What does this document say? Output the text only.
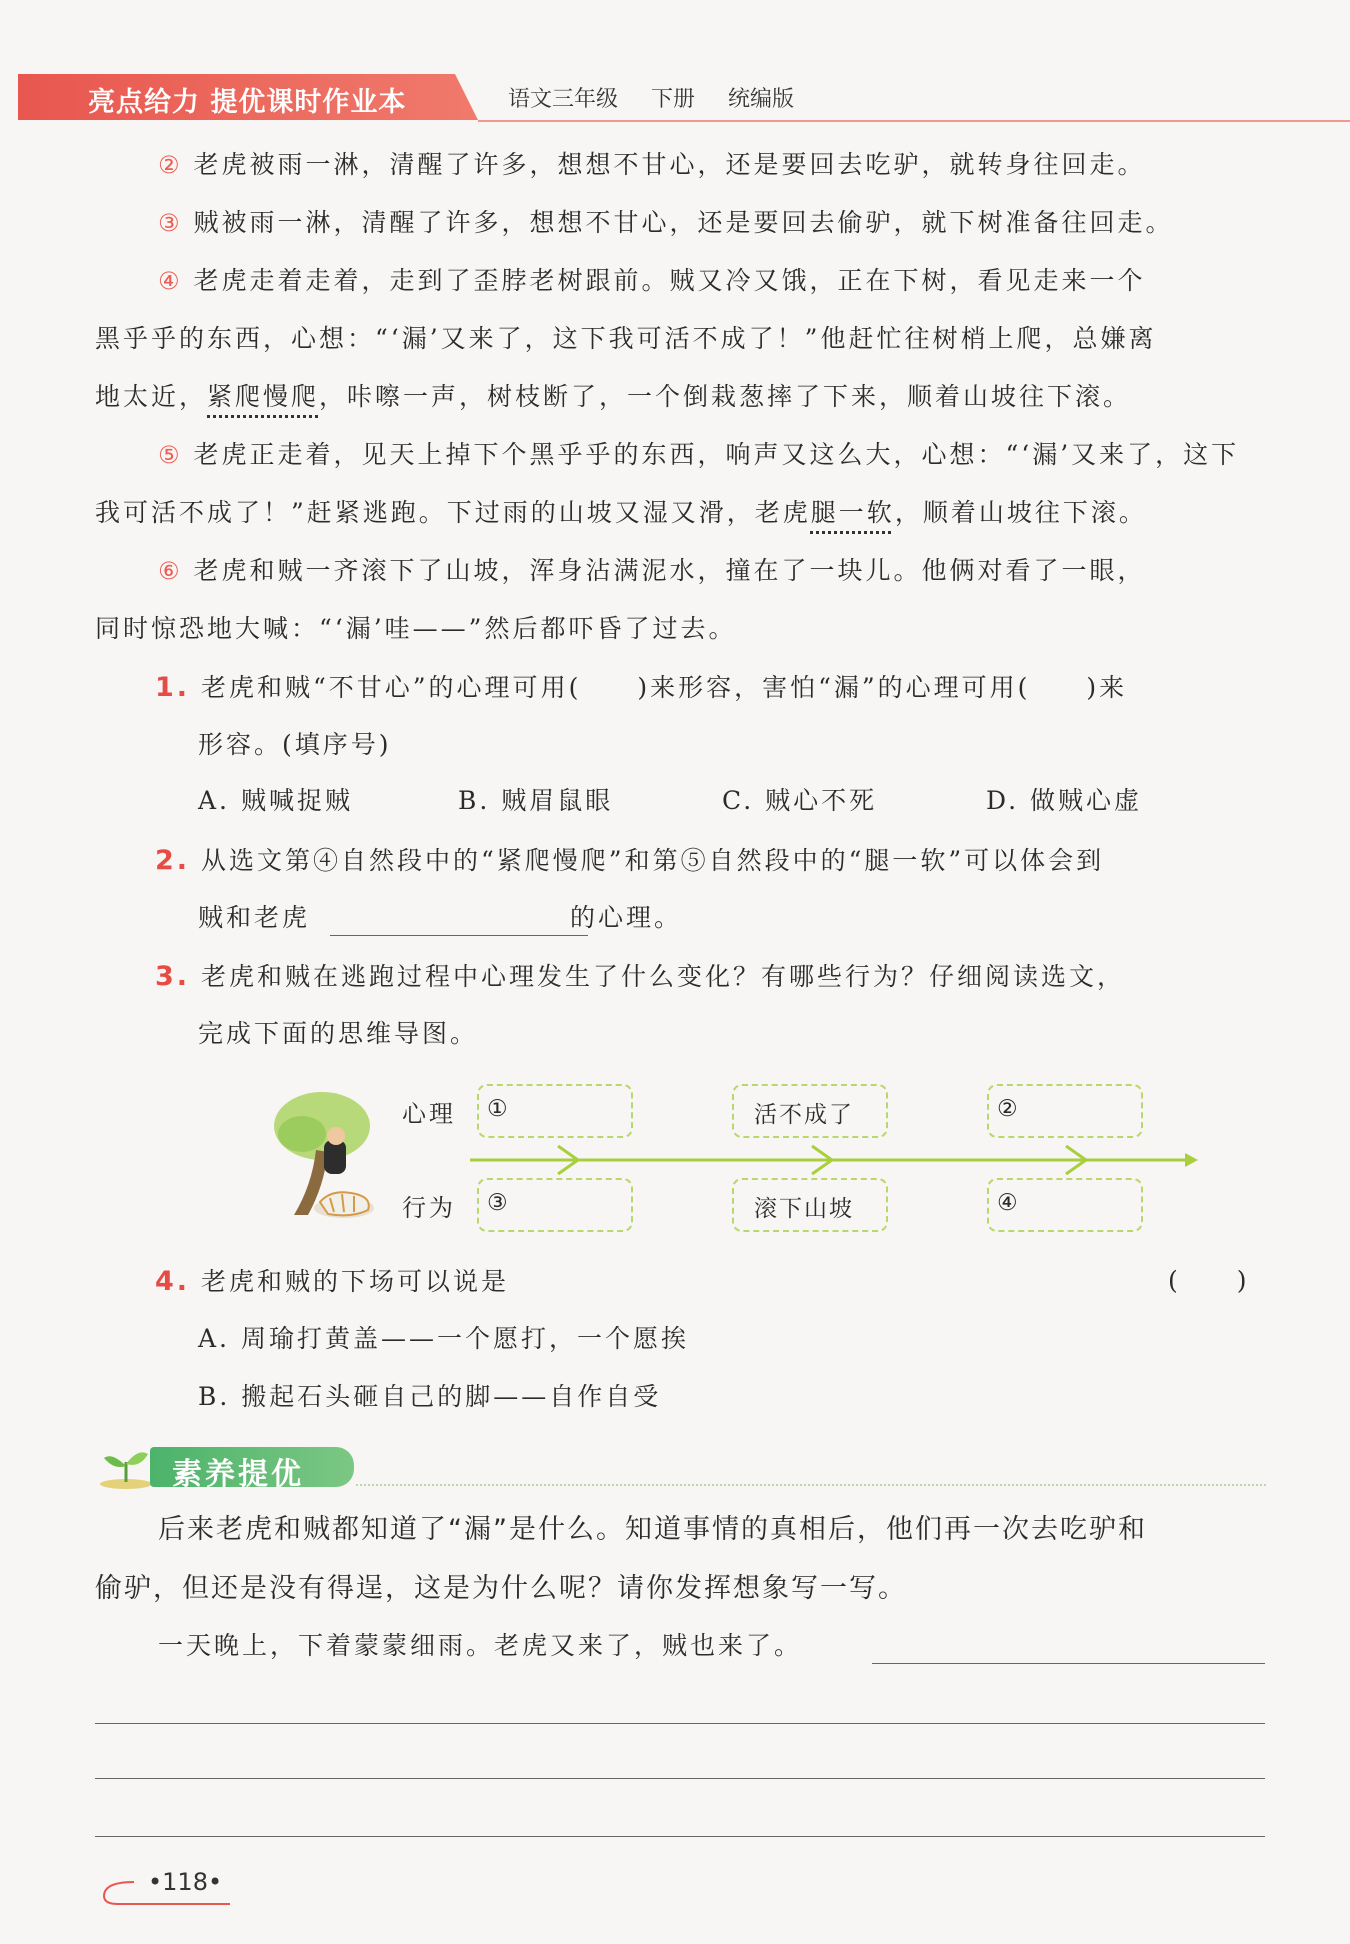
亮点给力 提优课时作业本	语文三年级 下册 统编版
② 老虎被雨一淋，清醒了许多，想想不甘心，还是要回去吃驴，就转身往回走。
③ 贼被雨一淋，清醒了许多，想想不甘心，还是要回去偷驴，就下树准备往回走。
④ 老虎走着走着，走到了歪脖老树跟前。贼又冷又饿，正在下树，看见走来一个
黑乎乎的东西，心想：“‘漏’又来了，这下我可活不成了！”他赶忙往树梢上爬，总嫌离
地太近，紧爬慢爬，咔嚓一声，树枝断了，一个倒栽葱摔了下来，顺着山坡往下滚。
⑤ 老虎正走着，见天上掉下个黑乎乎的东西，响声又这么大，心想：“‘漏’又来了，这下
我可活不成了！”赶紧逃跑。下过雨的山坡又湿又滑，老虎腿一软，顺着山坡往下滚。
⑥ 老虎和贼一齐滚下了山坡，浑身沾满泥水，撞在了一块儿。他俩对看了一眼，
同时惊恐地大喊：“‘漏’哇——”然后都吓昏了过去。
1. 老虎和贼“不甘心”的心理可用(　　)来形容，害怕“漏”的心理可用(　　)来
形容。(填序号)
A. 贼喊捉贼	B. 贼眉鼠眼	C. 贼心不死	D. 做贼心虚
2. 从选文第④自然段中的“紧爬慢爬”和第⑤自然段中的“腿一软”可以体会到
贼和老虎	的心理。
3. 老虎和贼在逃跑过程中心理发生了什么变化？有哪些行为？仔细阅读选文，
完成下面的思维导图。
心理
行为
①	活不成了	②
③	滚下山坡	④
4. 老虎和贼的下场可以说是	(　　)
A. 周瑜打黄盖——一个愿打，一个愿挨
B. 搬起石头砸自己的脚——自作自受
素养提优
后来老虎和贼都知道了“漏”是什么。知道事情的真相后，他们再一次去吃驴和
偷驴，但还是没有得逞，这是为什么呢？请你发挥想象写一写。
一天晚上，下着蒙蒙细雨。老虎又来了，贼也来了。
•118•
